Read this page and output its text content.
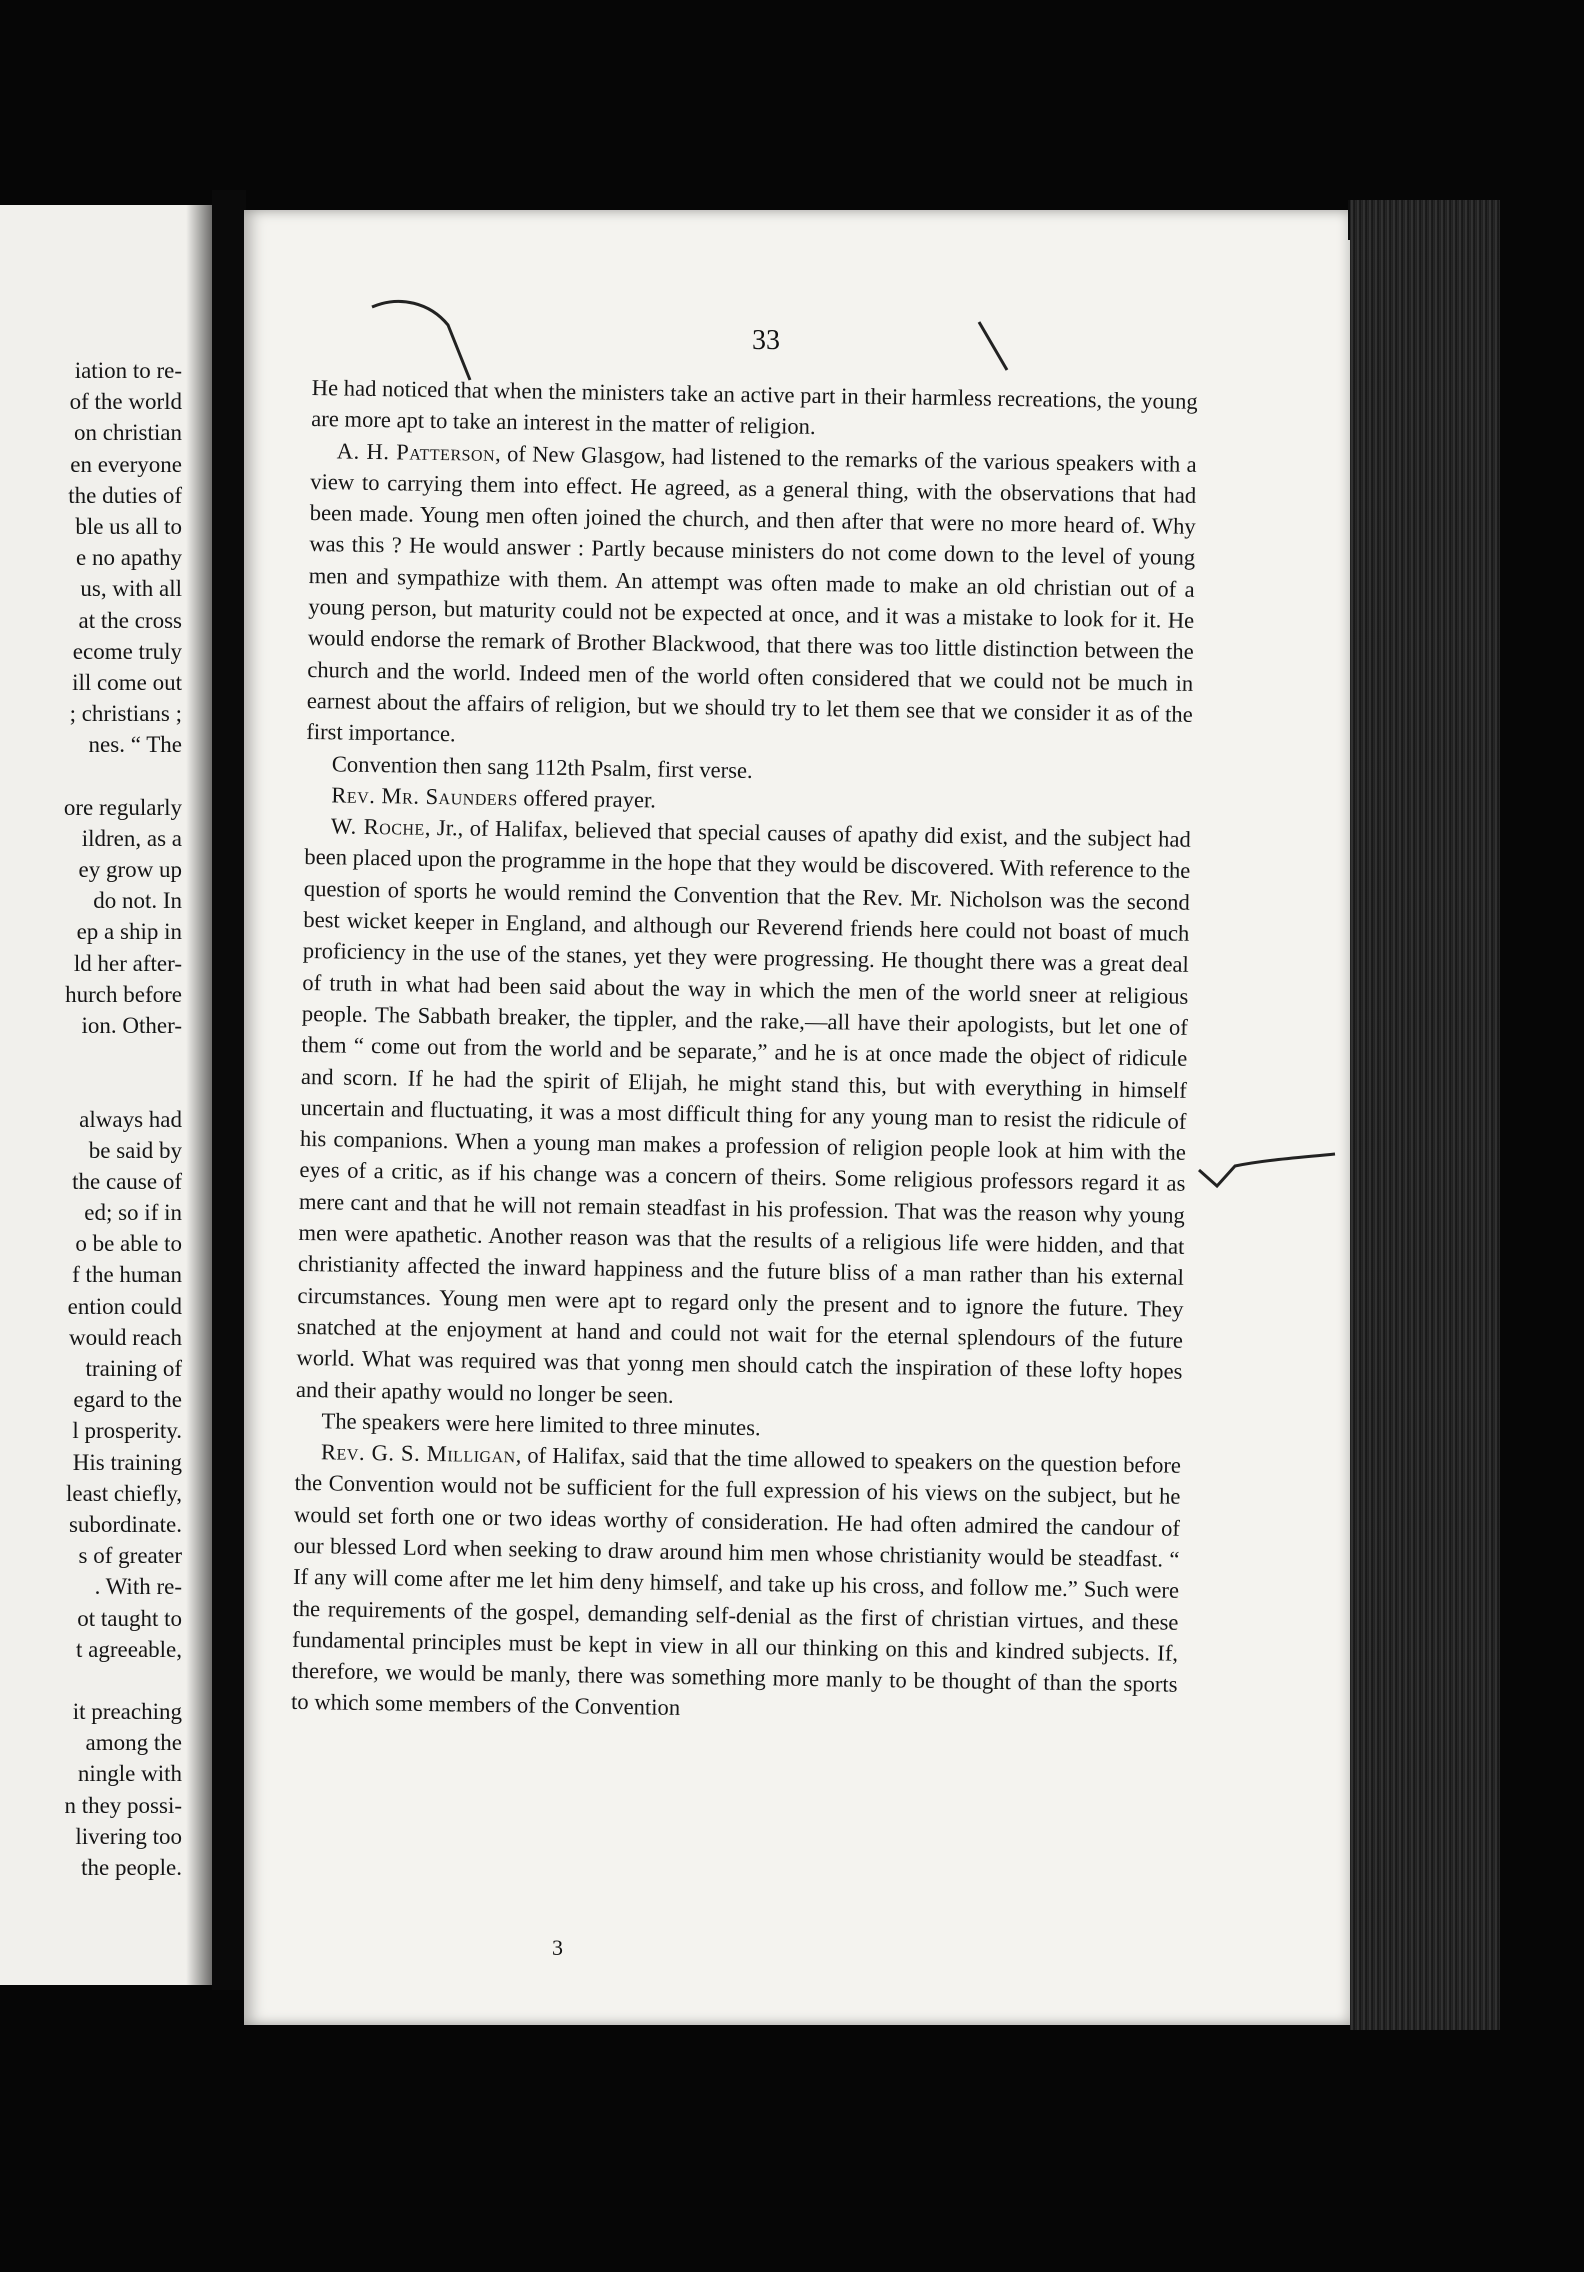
iation to re-
of the world
on christian
en everyone
the duties of
ble us all to
e no apathy
us, with all
at the cross
ecome truly
ill come out
; christians ;
nes. “ The
ore regularly
ildren, as a
ey grow up
do not. In
ep a ship in
ld her after-
hurch before
ion. Other-
always had
be said by
the cause of
ed; so if in
o be able to
f the human
ention could
would reach
training of
egard to the
l prosperity.
His training
least chiefly,
subordinate.
s of greater
. With re-
ot taught to
t agreeable,
it preaching
among the
ningle with
n they possi-
livering too
the people.
33

He had noticed that when the ministers take an active part in their harmless recreations, the young are more apt to take an interest in the matter of religion.

A. H. Patterson, of New Glasgow, had listened to the remarks of the various speakers with a view to carrying them into effect. He agreed, as a general thing, with the observations that had been made. Young men often joined the church, and then after that were no more heard of. Why was this ? He would answer : Partly because ministers do not come down to the level of young men and sympathize with them. An attempt was often made to make an old christian out of a young person, but maturity could not be expected at once, and it was a mistake to look for it. He would endorse the remark of Brother Blackwood, that there was too little distinction between the church and the world. Indeed men of the world often considered that we could not be much in earnest about the affairs of religion, but we should try to let them see that we consider it as of the first importance.

Convention then sang 112th Psalm, first verse.

Rev. Mr. Saunders offered prayer.

W. Roche, Jr., of Halifax, believed that special causes of apathy did exist, and the subject had been placed upon the programme in the hope that they would be discovered. With reference to the question of sports he would remind the Convention that the Rev. Mr. Nicholson was the second best wicket keeper in England, and although our Reverend friends here could not boast of much proficiency in the use of the stanes, yet they were progressing. He thought there was a great deal of truth in what had been said about the way in which the men of the world sneer at religious people. The Sabbath breaker, the tippler, and the rake,—all have their apologists, but let one of them “ come out from the world and be separate,” and he is at once made the object of ridicule and scorn. If he had the spirit of Elijah, he might stand this, but with everything in himself uncertain and fluctuating, it was a most difficult thing for any young man to resist the ridicule of his companions. When a young man makes a profession of religion people look at him with the eyes of a critic, as if his change was a concern of theirs. Some religious professors regard it as mere cant and that he will not remain steadfast in his profession. That was the reason why young men were apathetic. Another reason was that the results of a religious life were hidden, and that christianity affected the inward happiness and the future bliss of a man rather than his external circumstances. Young men were apt to regard only the present and to ignore the future. They snatched at the enjoyment at hand and could not wait for the eternal splendours of the future world. What was required was that yonng men should catch the inspiration of these lofty hopes and their apathy would no longer be seen.

The speakers were here limited to three minutes.

Rev. G. S. Milligan, of Halifax, said that the time allowed to speakers on the question before the Convention would not be sufficient for the full expression of his views on the subject, but he would set forth one or two ideas worthy of consideration. He had often admired the candour of our blessed Lord when seeking to draw around him men whose christianity would be steadfast. “ If any will come after me let him deny himself, and take up his cross, and follow me.” Such were the requirements of the gospel, demanding self-denial as the first of christian virtues, and these fundamental principles must be kept in view in all our thinking on this and kindred subjects. If, therefore, we would be manly, there was something more manly to be thought of than the sports to which some members of the Convention

3
